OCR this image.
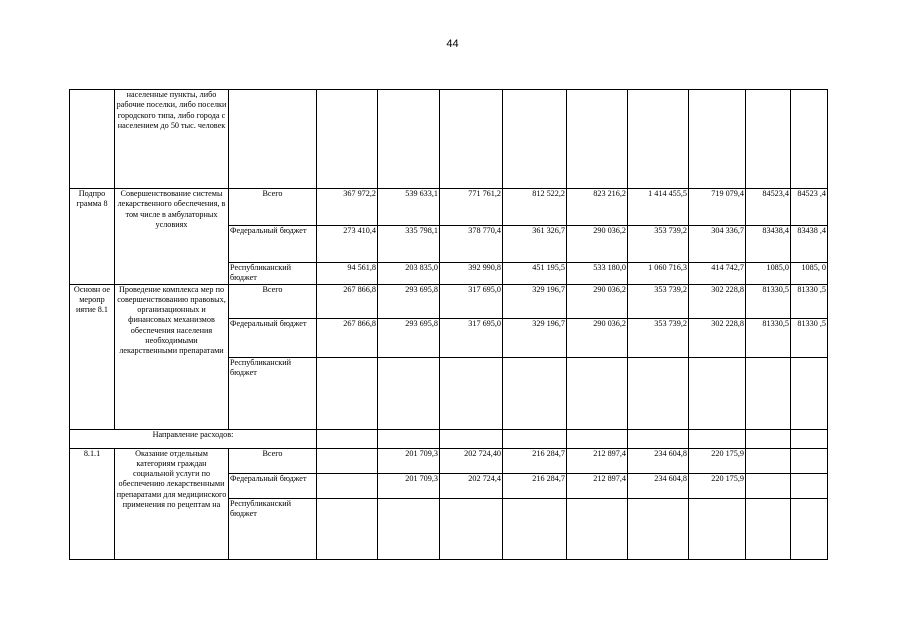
44
	населенные пункты, либо рабочие поселки, либо поселки городского типа, либо города с населением до 50 тыс. человек										
Подпро грамма 8	Совершенствование системы лекарственного обеспечения, в том числе в амбулаторных условиях	Всего	367 972,2	539 633,1	771 761,2	812 522,2	823 216,2	1 414 455,5	719 079,4	84523,4	84523 ,4
		Федеральный бюджет	273 410,4	335 798,1	378 770,4	361 326,7	290 036,2	353 739,2	304 336,7	83438,4	83438 ,4
		Республиканский бюджет	94 561,8	203 835,0	392 990,8	451 195,5	533 180,0	1 060 716,3	414 742,7	1085,0	1085, 0
Основн ое меропр иятие 8.1	Проведение комплекса мер по совершенствованию правовых, организационных и финансовых механизмов обеспечения населения необходимыми лекарственными препаратами	Всего	267 866,8	293 695,8	317 695,0	329 196,7	290 036,2	353 739,2	302 228,8	81330,5	81330 ,5
		Федеральный бюджет	267 866,8	293 695,8	317 695,0	329 196,7	290 036,2	353 739,2	302 228,8	81330,5	81330 ,5
		Республиканский бюджет									
Направление расходов:											
8.1.1	Оказание отдельным категориям граждан социальной услуги по обеспечению лекарственными препаратами для медицинского применения по рецептам на	Всего		201 709,3	202 724,40	216 284,7	212 897,4	234 604,8	220 175,9		
		Федеральный бюджет		201 709,3	202 724,4	216 284,7	212 897,4	234 604,8	220 175,9		
		Республиканский бюджет									
